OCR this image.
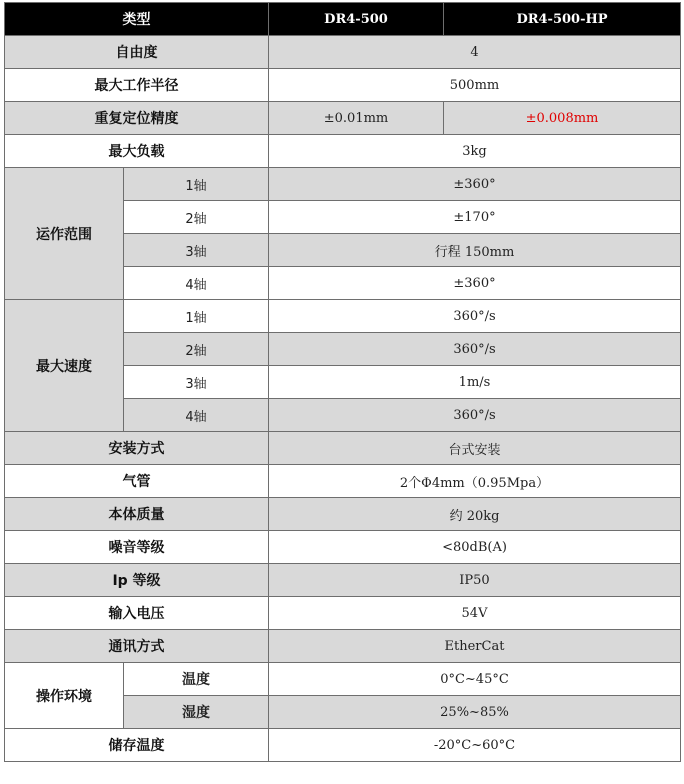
类型		DR4-500	DR4-500-HP
自由度		4	
最大工作半径		500mm	
重复定位精度		±0.01mm	±0.008mm
最大负载		3kg	
运作范围	1轴	±360°	
	2轴	±170°	
	3轴	行程 150mm	
	4轴	±360°	
最大速度	1轴	360°/s	
	2轴	360°/s	
	3轴	1m/s	
	4轴	360°/s	
安装方式		台式安装	
气管		2个Φ4mm（0.95Mpa）	
本体质量		约 20kg	
噪音等级		<80dB(A)	
Ip 等级		IP50	
输入电压		54V	
通讯方式		EtherCat	
操作环境	温度	0°C~45°C	
	湿度	25%~85%	
储存温度		-20°C~60°C	
